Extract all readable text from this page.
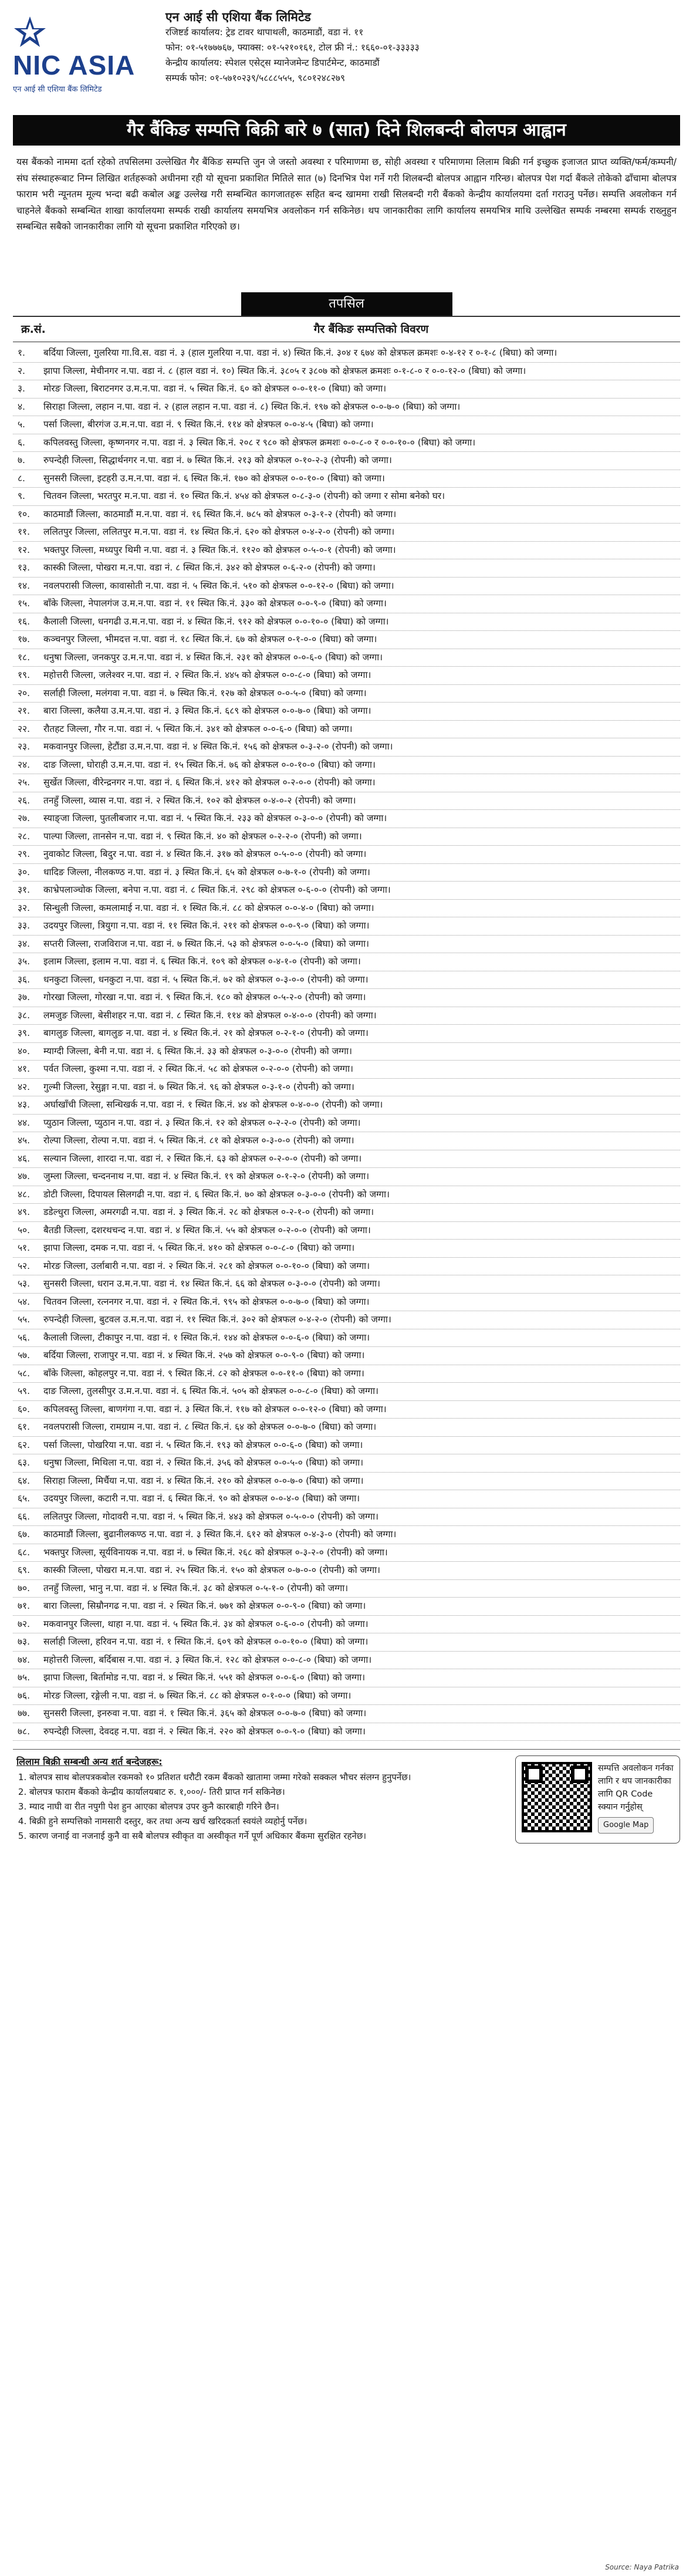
NIC ASIA
एन आई सी एशिया बैंक लिमिटेड
एन आई सी एशिया बैंक लिमिटेड
रजिष्टर्ड कार्यालय: ट्रेड टावर थापाथली, काठमाडौं, वडा नं. ११
फोन: ०१-५१७७७६७, फ्याक्स: ०१-५२१०१६१, टोल फ्री नं.: १६६०-०१-३३३३३
केन्द्रीय कार्यालय: स्पेशल एसेट्स म्यानेजमेन्ट डिपार्टमेन्ट, काठमाडौं
सम्पर्क फोन: ०१-५७१०२३९/५८८८५५५, ९८०१२४८२७९
गैर बैंकिङ सम्पत्ति बिक्री बारे ७ (सात) दिने शिलबन्दी बोलपत्र आह्वान
यस बैंकको नाममा दर्ता रहेको तपसिलमा उल्लेखित गैर बैंकिङ सम्पत्ति जुन जे जस्तो अवस्था र परिमाणमा छ, सोही अवस्था र परिमाणमा लिलाम बिक्री गर्न इच्छुक इजाजत प्राप्त व्यक्ति/फर्म/कम्पनी/संघ संस्थाहरूबाट निम्न लिखित शर्तहरूको अधीनमा रही यो सूचना प्रकाशित मितिले सात (७) दिनभित्र पेश गर्ने गरी शिलबन्दी बोलपत्र आह्वान गरिन्छ। बोलपत्र पेश गर्दा बैंकले तोकेको ढाँचामा बोलपत्र फाराम भरी न्यूनतम मूल्य भन्दा बढी कबोल अङ्क उल्लेख गरी सम्बन्धित कागजातहरू सहित बन्द खाममा राखी सिलबन्दी गरी बैंकको केन्द्रीय कार्यालयमा दर्ता गराउनु पर्नेछ। सम्पत्ति अवलोकन गर्न चाहनेले बैंकको सम्बन्धित शाखा कार्यालयमा सम्पर्क राखी कार्यालय समयभित्र अवलोकन गर्न सकिनेछ। थप जानकारीका लागि कार्यालय समयभित्र माथि उल्लेखित सम्पर्क नम्बरमा सम्पर्क राख्नुहुन सम्बन्धित सबैको जानकारीका लागि यो सूचना प्रकाशित गरिएको छ।
तपसिल
क्र.सं.	गैर बैंकिङ सम्पत्तिको विवरण
१.	बर्दिया जिल्ला, गुलरिया गा.वि.स. वडा नं. ३ (हाल गुलरिया न.पा. वडा नं. ४) स्थित कि.नं. ३०४ र ६७४ को क्षेत्रफल क्रमशः ०-४-१२ र ०-१-८ (बिघा) को जग्गा।
२.	झापा जिल्ला, मेचीनगर न.पा. वडा नं. ८ (हाल वडा नं. १०) स्थित कि.नं. ३८०५ र ३८०७ को क्षेत्रफल क्रमशः ०-१-८-० र ०-०-१२-० (बिघा) को जग्गा।
३.	मोरङ जिल्ला, बिराटनगर उ.म.न.पा. वडा नं. ५ स्थित कि.नं. ६० को क्षेत्रफल ०-०-११-० (बिघा) को जग्गा।
४.	सिराहा जिल्ला, लहान न.पा. वडा नं. २ (हाल लहान न.पा. वडा नं. ८) स्थित कि.नं. १९७ को क्षेत्रफल ०-०-७-० (बिघा) को जग्गा।
५.	पर्सा जिल्ला, बीरगंज उ.म.न.पा. वडा नं. ९ स्थित कि.नं. ११४ को क्षेत्रफल ०-०-४-५ (बिघा) को जग्गा।
६.	कपिलवस्तु जिल्ला, कृष्णनगर न.पा. वडा नं. ३ स्थित कि.नं. २०८ र ९८० को क्षेत्रफल क्रमशः ०-०-८-० र ०-०-१०-० (बिघा) को जग्गा।
७.	रुपन्देही जिल्ला, सिद्धार्थनगर न.पा. वडा नं. ७ स्थित कि.नं. २१३ को क्षेत्रफल ०-१०-२-३ (रोपनी) को जग्गा।
८.	सुनसरी जिल्ला, इटहरी उ.म.न.पा. वडा नं. ६ स्थित कि.नं. १७० को क्षेत्रफल ०-०-१०-० (बिघा) को जग्गा।
९.	चितवन जिल्ला, भरतपुर म.न.पा. वडा नं. १० स्थित कि.नं. ४५४ को क्षेत्रफल ०-८-३-० (रोपनी) को जग्गा र सोमा बनेको घर।
१०.	काठमाडौं जिल्ला, काठमाडौं म.न.पा. वडा नं. १६ स्थित कि.नं. ७८५ को क्षेत्रफल ०-३-१-२ (रोपनी) को जग्गा।
११.	ललितपुर जिल्ला, ललितपुर म.न.पा. वडा नं. १४ स्थित कि.नं. ६२० को क्षेत्रफल ०-४-२-० (रोपनी) को जग्गा।
१२.	भक्तपुर जिल्ला, मध्यपुर थिमी न.पा. वडा नं. ३ स्थित कि.नं. ११२० को क्षेत्रफल ०-५-०-१ (रोपनी) को जग्गा।
१३.	कास्की जिल्ला, पोखरा म.न.पा. वडा नं. ८ स्थित कि.नं. ३४२ को क्षेत्रफल ०-६-२-० (रोपनी) को जग्गा।
१४.	नवलपरासी जिल्ला, कावासोती न.पा. वडा नं. ५ स्थित कि.नं. ५१० को क्षेत्रफल ०-०-१२-० (बिघा) को जग्गा।
१५.	बाँके जिल्ला, नेपालगंज उ.म.न.पा. वडा नं. ११ स्थित कि.नं. ३३० को क्षेत्रफल ०-०-९-० (बिघा) को जग्गा।
१६.	कैलाली जिल्ला, धनगढी उ.म.न.पा. वडा नं. ४ स्थित कि.नं. ९१२ को क्षेत्रफल ०-०-१०-० (बिघा) को जग्गा।
१७.	कञ्चनपुर जिल्ला, भीमदत्त न.पा. वडा नं. १८ स्थित कि.नं. ६७ को क्षेत्रफल ०-१-०-० (बिघा) को जग्गा।
१८.	धनुषा जिल्ला, जनकपुर उ.म.न.पा. वडा नं. ४ स्थित कि.नं. २३१ को क्षेत्रफल ०-०-६-० (बिघा) को जग्गा।
१९.	महोत्तरी जिल्ला, जलेश्वर न.पा. वडा नं. २ स्थित कि.नं. ४४५ को क्षेत्रफल ०-०-८-० (बिघा) को जग्गा।
२०.	सर्लाही जिल्ला, मलंगवा न.पा. वडा नं. ७ स्थित कि.नं. १२७ को क्षेत्रफल ०-०-५-० (बिघा) को जग्गा।
२१.	बारा जिल्ला, कलैया उ.म.न.पा. वडा नं. ३ स्थित कि.नं. ६८९ को क्षेत्रफल ०-०-७-० (बिघा) को जग्गा।
२२.	रौतहट जिल्ला, गौर न.पा. वडा नं. ५ स्थित कि.नं. ३४१ को क्षेत्रफल ०-०-६-० (बिघा) को जग्गा।
२३.	मकवानपुर जिल्ला, हेटौंडा उ.म.न.पा. वडा नं. ४ स्थित कि.नं. १५६ को क्षेत्रफल ०-३-२-० (रोपनी) को जग्गा।
२४.	दाङ जिल्ला, घोराही उ.म.न.पा. वडा नं. १५ स्थित कि.नं. ७६ को क्षेत्रफल ०-०-१०-० (बिघा) को जग्गा।
२५.	सुर्खेत जिल्ला, वीरेन्द्रनगर न.पा. वडा नं. ६ स्थित कि.नं. ४१२ को क्षेत्रफल ०-२-०-० (रोपनी) को जग्गा।
२६.	तनहुँ जिल्ला, व्यास न.पा. वडा नं. २ स्थित कि.नं. १०२ को क्षेत्रफल ०-४-०-२ (रोपनी) को जग्गा।
२७.	स्याङ्जा जिल्ला, पुतलीबजार न.पा. वडा नं. ५ स्थित कि.नं. २३३ को क्षेत्रफल ०-३-०-० (रोपनी) को जग्गा।
२८.	पाल्पा जिल्ला, तानसेन न.पा. वडा नं. ९ स्थित कि.नं. ४० को क्षेत्रफल ०-२-२-० (रोपनी) को जग्गा।
२९.	नुवाकोट जिल्ला, बिदुर न.पा. वडा नं. ४ स्थित कि.नं. ३१७ को क्षेत्रफल ०-५-०-० (रोपनी) को जग्गा।
३०.	धादिङ जिल्ला, नीलकण्ठ न.पा. वडा नं. ३ स्थित कि.नं. ६५ को क्षेत्रफल ०-७-१-० (रोपनी) को जग्गा।
३१.	काभ्रेपलाञ्चोक जिल्ला, बनेपा न.पा. वडा नं. ८ स्थित कि.नं. २९८ को क्षेत्रफल ०-६-०-० (रोपनी) को जग्गा।
३२.	सिन्धुली जिल्ला, कमलामाई न.पा. वडा नं. १ स्थित कि.नं. ८८ को क्षेत्रफल ०-०-४-० (बिघा) को जग्गा।
३३.	उदयपुर जिल्ला, त्रियुगा न.पा. वडा नं. ११ स्थित कि.नं. २११ को क्षेत्रफल ०-०-९-० (बिघा) को जग्गा।
३४.	सप्तरी जिल्ला, राजविराज न.पा. वडा नं. ७ स्थित कि.नं. ५३ को क्षेत्रफल ०-०-५-० (बिघा) को जग्गा।
३५.	इलाम जिल्ला, इलाम न.पा. वडा नं. ६ स्थित कि.नं. १०९ को क्षेत्रफल ०-४-१-० (रोपनी) को जग्गा।
३६.	धनकुटा जिल्ला, धनकुटा न.पा. वडा नं. ५ स्थित कि.नं. ७२ को क्षेत्रफल ०-३-०-० (रोपनी) को जग्गा।
३७.	गोरखा जिल्ला, गोरखा न.पा. वडा नं. ९ स्थित कि.नं. १८० को क्षेत्रफल ०-५-२-० (रोपनी) को जग्गा।
३८.	लमजुङ जिल्ला, बेसीशहर न.पा. वडा नं. ८ स्थित कि.नं. ११४ को क्षेत्रफल ०-४-०-० (रोपनी) को जग्गा।
३९.	बागलुङ जिल्ला, बागलुङ न.पा. वडा नं. ४ स्थित कि.नं. २१ को क्षेत्रफल ०-२-१-० (रोपनी) को जग्गा।
४०.	म्याग्दी जिल्ला, बेनी न.पा. वडा नं. ६ स्थित कि.नं. ३३ को क्षेत्रफल ०-३-०-० (रोपनी) को जग्गा।
४१.	पर्वत जिल्ला, कुश्मा न.पा. वडा नं. २ स्थित कि.नं. ५८ को क्षेत्रफल ०-२-०-० (रोपनी) को जग्गा।
४२.	गुल्मी जिल्ला, रेसुङ्गा न.पा. वडा नं. ७ स्थित कि.नं. ९६ को क्षेत्रफल ०-३-१-० (रोपनी) को जग्गा।
४३.	अर्घाखाँची जिल्ला, सन्धिखर्क न.पा. वडा नं. १ स्थित कि.नं. ४४ को क्षेत्रफल ०-४-०-० (रोपनी) को जग्गा।
४४.	प्युठान जिल्ला, प्युठान न.पा. वडा नं. ३ स्थित कि.नं. १२ को क्षेत्रफल ०-२-२-० (रोपनी) को जग्गा।
४५.	रोल्पा जिल्ला, रोल्पा न.पा. वडा नं. ५ स्थित कि.नं. ८१ को क्षेत्रफल ०-३-०-० (रोपनी) को जग्गा।
४६.	सल्यान जिल्ला, शारदा न.पा. वडा नं. २ स्थित कि.नं. ६३ को क्षेत्रफल ०-२-०-० (रोपनी) को जग्गा।
४७.	जुम्ला जिल्ला, चन्दननाथ न.पा. वडा नं. ४ स्थित कि.नं. १९ को क्षेत्रफल ०-१-२-० (रोपनी) को जग्गा।
४८.	डोटी जिल्ला, दिपायल सिलगढी न.पा. वडा नं. ६ स्थित कि.नं. ७० को क्षेत्रफल ०-३-०-० (रोपनी) को जग्गा।
४९.	डडेल्धुरा जिल्ला, अमरगढी न.पा. वडा नं. ३ स्थित कि.नं. २८ को क्षेत्रफल ०-२-१-० (रोपनी) को जग्गा।
५०.	बैतडी जिल्ला, दशरथचन्द न.पा. वडा नं. ४ स्थित कि.नं. ५५ को क्षेत्रफल ०-२-०-० (रोपनी) को जग्गा।
५१.	झापा जिल्ला, दमक न.पा. वडा नं. ५ स्थित कि.नं. ४१० को क्षेत्रफल ०-०-८-० (बिघा) को जग्गा।
५२.	मोरङ जिल्ला, उर्लाबारी न.पा. वडा नं. २ स्थित कि.नं. २८१ को क्षेत्रफल ०-०-१०-० (बिघा) को जग्गा।
५३.	सुनसरी जिल्ला, धरान उ.म.न.पा. वडा नं. १४ स्थित कि.नं. ६६ को क्षेत्रफल ०-३-०-० (रोपनी) को जग्गा।
५४.	चितवन जिल्ला, रत्ननगर न.पा. वडा नं. २ स्थित कि.नं. ९९५ को क्षेत्रफल ०-०-७-० (बिघा) को जग्गा।
५५.	रुपन्देही जिल्ला, बुटवल उ.म.न.पा. वडा नं. ११ स्थित कि.नं. ३०२ को क्षेत्रफल ०-४-२-० (रोपनी) को जग्गा।
५६.	कैलाली जिल्ला, टीकापुर न.पा. वडा नं. १ स्थित कि.नं. १४४ को क्षेत्रफल ०-०-६-० (बिघा) को जग्गा।
५७.	बर्दिया जिल्ला, राजापुर न.पा. वडा नं. ४ स्थित कि.नं. २५७ को क्षेत्रफल ०-०-९-० (बिघा) को जग्गा।
५८.	बाँके जिल्ला, कोहलपुर न.पा. वडा नं. ९ स्थित कि.नं. ८२ को क्षेत्रफल ०-०-११-० (बिघा) को जग्गा।
५९.	दाङ जिल्ला, तुलसीपुर उ.म.न.पा. वडा नं. ६ स्थित कि.नं. ५०५ को क्षेत्रफल ०-०-८-० (बिघा) को जग्गा।
६०.	कपिलवस्तु जिल्ला, बाणगंगा न.पा. वडा नं. ३ स्थित कि.नं. ११७ को क्षेत्रफल ०-०-१२-० (बिघा) को जग्गा।
६१.	नवलपरासी जिल्ला, रामग्राम न.पा. वडा नं. ८ स्थित कि.नं. ६४ को क्षेत्रफल ०-०-७-० (बिघा) को जग्गा।
६२.	पर्सा जिल्ला, पोखरिया न.पा. वडा नं. ५ स्थित कि.नं. १९३ को क्षेत्रफल ०-०-६-० (बिघा) को जग्गा।
६३.	धनुषा जिल्ला, मिथिला न.पा. वडा नं. २ स्थित कि.नं. ३५६ को क्षेत्रफल ०-०-५-० (बिघा) को जग्गा।
६४.	सिराहा जिल्ला, मिर्चैया न.पा. वडा नं. ४ स्थित कि.नं. २१० को क्षेत्रफल ०-०-७-० (बिघा) को जग्गा।
६५.	उदयपुर जिल्ला, कटारी न.पा. वडा नं. ६ स्थित कि.नं. ९० को क्षेत्रफल ०-०-४-० (बिघा) को जग्गा।
६६.	ललितपुर जिल्ला, गोदावरी न.पा. वडा नं. ५ स्थित कि.नं. ४४३ को क्षेत्रफल ०-५-०-० (रोपनी) को जग्गा।
६७.	काठमाडौं जिल्ला, बुढानीलकण्ठ न.पा. वडा नं. ३ स्थित कि.नं. ६१२ को क्षेत्रफल ०-४-३-० (रोपनी) को जग्गा।
६८.	भक्तपुर जिल्ला, सूर्यविनायक न.पा. वडा नं. ७ स्थित कि.नं. २६८ को क्षेत्रफल ०-३-२-० (रोपनी) को जग्गा।
६९.	कास्की जिल्ला, पोखरा म.न.पा. वडा नं. २५ स्थित कि.नं. १५० को क्षेत्रफल ०-७-०-० (रोपनी) को जग्गा।
७०.	तनहुँ जिल्ला, भानु न.पा. वडा नं. ४ स्थित कि.नं. ३८ को क्षेत्रफल ०-५-१-० (रोपनी) को जग्गा।
७१.	बारा जिल्ला, सिम्रौनगढ न.पा. वडा नं. २ स्थित कि.नं. ७७१ को क्षेत्रफल ०-०-९-० (बिघा) को जग्गा।
७२.	मकवानपुर जिल्ला, थाहा न.पा. वडा नं. ५ स्थित कि.नं. ३४ को क्षेत्रफल ०-६-०-० (रोपनी) को जग्गा।
७३.	सर्लाही जिल्ला, हरिवन न.पा. वडा नं. १ स्थित कि.नं. ६०९ को क्षेत्रफल ०-०-१०-० (बिघा) को जग्गा।
७४.	महोत्तरी जिल्ला, बर्दिबास न.पा. वडा नं. ३ स्थित कि.नं. १२८ को क्षेत्रफल ०-०-८-० (बिघा) को जग्गा।
७५.	झापा जिल्ला, बिर्तामोड न.पा. वडा नं. ४ स्थित कि.नं. ५५१ को क्षेत्रफल ०-०-६-० (बिघा) को जग्गा।
७६.	मोरङ जिल्ला, रङ्गेली न.पा. वडा नं. ७ स्थित कि.नं. ८८ को क्षेत्रफल ०-१-०-० (बिघा) को जग्गा।
७७.	सुनसरी जिल्ला, इनरुवा न.पा. वडा नं. १ स्थित कि.नं. ३६५ को क्षेत्रफल ०-०-७-० (बिघा) को जग्गा।
७८.	रुपन्देही जिल्ला, देवदह न.पा. वडा नं. २ स्थित कि.नं. २२० को क्षेत्रफल ०-०-९-० (बिघा) को जग्गा।
लिलाम बिक्री सम्बन्धी अन्य शर्त बन्देजहरू:
1. बोलपत्र साथ बोलपत्रकबोल रकमको १० प्रतिशत धरौटी रकम बैंकको खातामा जम्मा गरेको सक्कल भौचर संलग्न हुनुपर्नेछ।
2. बोलपत्र फाराम बैंकको केन्द्रीय कार्यालयबाट रु. १,०००/- तिरी प्राप्त गर्न सकिनेछ।
3. म्याद नाघी वा रीत नपुगी पेश हुन आएका बोलपत्र उपर कुनै कारबाही गरिने छैन।
4. बिक्री हुने सम्पत्तिको नामसारी दस्तुर, कर तथा अन्य खर्च खरिदकर्ता स्वयंले व्यहोर्नु पर्नेछ।
5. कारण जनाई वा नजनाई कुनै वा सबै बोलपत्र स्वीकृत वा अस्वीकृत गर्ने पूर्ण अधिकार बैंकमा सुरक्षित रहनेछ।
सम्पत्ति अवलोकन गर्नका लागि र थप जानकारीका लागि QR Code स्क्यान गर्नुहोस्
Google Map
Source: Naya Patrika
